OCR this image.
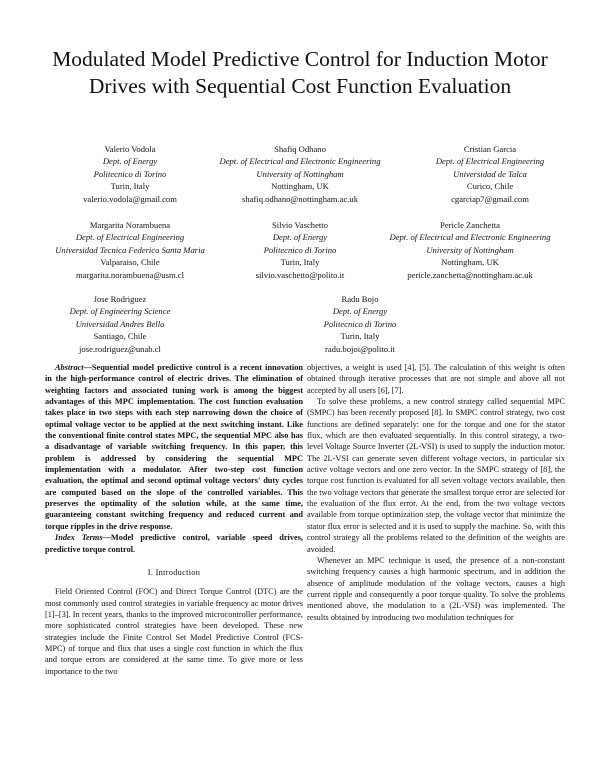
Modulated Model Predictive Control for Induction Motor Drives with Sequential Cost Function Evaluation
Valerio Vodola
Dept. of Energy
Politecnico di Torino
Turin, Italy
valerio.vodola@gmail.com
Shafiq Odhano
Dept. of Electrical and Electronic Engineering
University of Nottingham
Nottingham, UK
shafiq.odhano@nottingham.ac.uk
Cristian Garcia
Dept. of Electrical Engineering
Universidad de Talca
Curico, Chile
cgarciap7@gmail.com
Margarita Norambuena
Dept. of Electrical Engineering
Universidad Tecnica Federico Santa Maria
Valparaiso, Chile
margarita.norambuena@usm.cl
Silvio Vaschetto
Dept. of Energy
Politecnico di Torino
Turin, Italy
silvio.vaschetto@polito.it
Pericle Zanchetta
Dept. of Electrical and Electronic Engineering
University of Nottingham
Nottingham, UK
pericle.zanchetta@nottingham.ac.uk
Jose Rodriguez
Dept. of Engineering Science
Universidad Andres Bello
Santiago, Chile
jose.rodriguez@unab.cl
Radu Bojo
Dept. of Energy
Politecnico di Torino
Turin, Italy
radu.bojoi@polito.it

Abstract—Sequential model predictive control is a recent innovation in the high-performance control of electric drives. The elimination of weighting factors and associated tuning work is among the biggest advantages of this MPC implementation. The cost function evaluation takes place in two steps with each step narrowing down the choice of optimal voltage vector to be applied at the next switching instant. Like the conventional finite control states MPC, the sequential MPC also has a disadvantage of variable switching frequency. In this paper, this problem is addressed by considering the sequential MPC implementation with a modulator. After two-step cost function evaluation, the optimal and second optimal voltage vectors' duty cycles are computed based on the slope of the controlled variables. This preserves the optimality of the solution while, at the same time, guaranteeing constant switching frequency and reduced current and torque ripples in the drive response.

Index Terms—Model predictive control, variable speed drives, predictive torque control.

I. Introduction

Field Oriented Control (FOC) and Direct Torque Control (DTC) are the most commonly used control strategies in variable frequency ac motor drives [1]–[3]. In recent years, thanks to the improved microcontroller performance, more sophisticated control strategies have been developed. These new strategies include the Finite Control Set Model Predictive Control (FCS-MPC) of torque and flux that uses a single cost function in which the flux and torque errors are considered at the same time. To give more or less importance to the two

objectives, a weight is used [4], [5]. The calculation of this weight is often obtained through iterative processes that are not simple and above all not accepted by all users [6], [7].

To solve these problems, a new control strategy called sequential MPC (SMPC) has been recently proposed [8]. In SMPC control strategy, two cost functions are defined separately: one for the torque and one for the stator flux, which are then evaluated sequentially. In this control strategy, a two-level Voltage Source Inverter (2L-VSI) is used to supply the induction motor. The 2L-VSI can generate seven different voltage vectors, in particular six active voltage vectors and one zero vector. In the SMPC strategy of [8], the torque cost function is evaluated for all seven voltage vectors available, then the two voltage vectors that generate the smallest torque error are selected for the evaluation of the flux error. At the end, from the two voltage vectors available from torque optimization step, the voltage vector that minimize the stator flux error is selected and it is used to supply the machine. So, with this control strategy all the problems related to the definition of the weights are avoided.

Whenever an MPC technique is used, the presence of a non-constant switching frequency causes a high harmonic spectrum, and in addition the absence of amplitude modulation of the voltage vectors, causes a high current ripple and consequently a poor torque quality. To solve the problems mentioned above, the modulation to a (2L-VSI) was implemented. The results obtained by introducing two modulation techniques for
